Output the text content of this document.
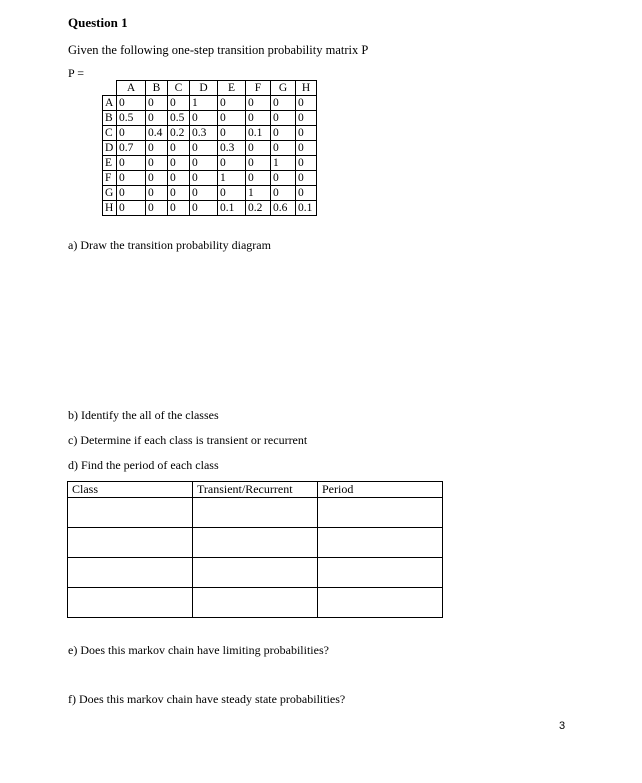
Question 1
Given the following one-step transition probability matrix P
P =
	A	B	C	D	E	F	G	H
A	0	0	0	1	0	0	0	0
B	0.5	0	0.5	0	0	0	0	0
C	0	0.4	0.2	0.3	0	0.1	0	0
D	0.7	0	0	0	0.3	0	0	0
E	0	0	0	0	0	0	1	0
F	0	0	0	0	1	0	0	0
G	0	0	0	0	0	1	0	0
H	0	0	0	0	0.1	0.2	0.6	0.1
a) Draw the transition probability diagram
b) Identify the all of the classes
c) Determine if each class is transient or recurrent
d) Find the period of each class
Class	Transient/Recurrent	Period

e) Does this markov chain have limiting probabilities?
f) Does this markov chain have steady state probabilities?
3
